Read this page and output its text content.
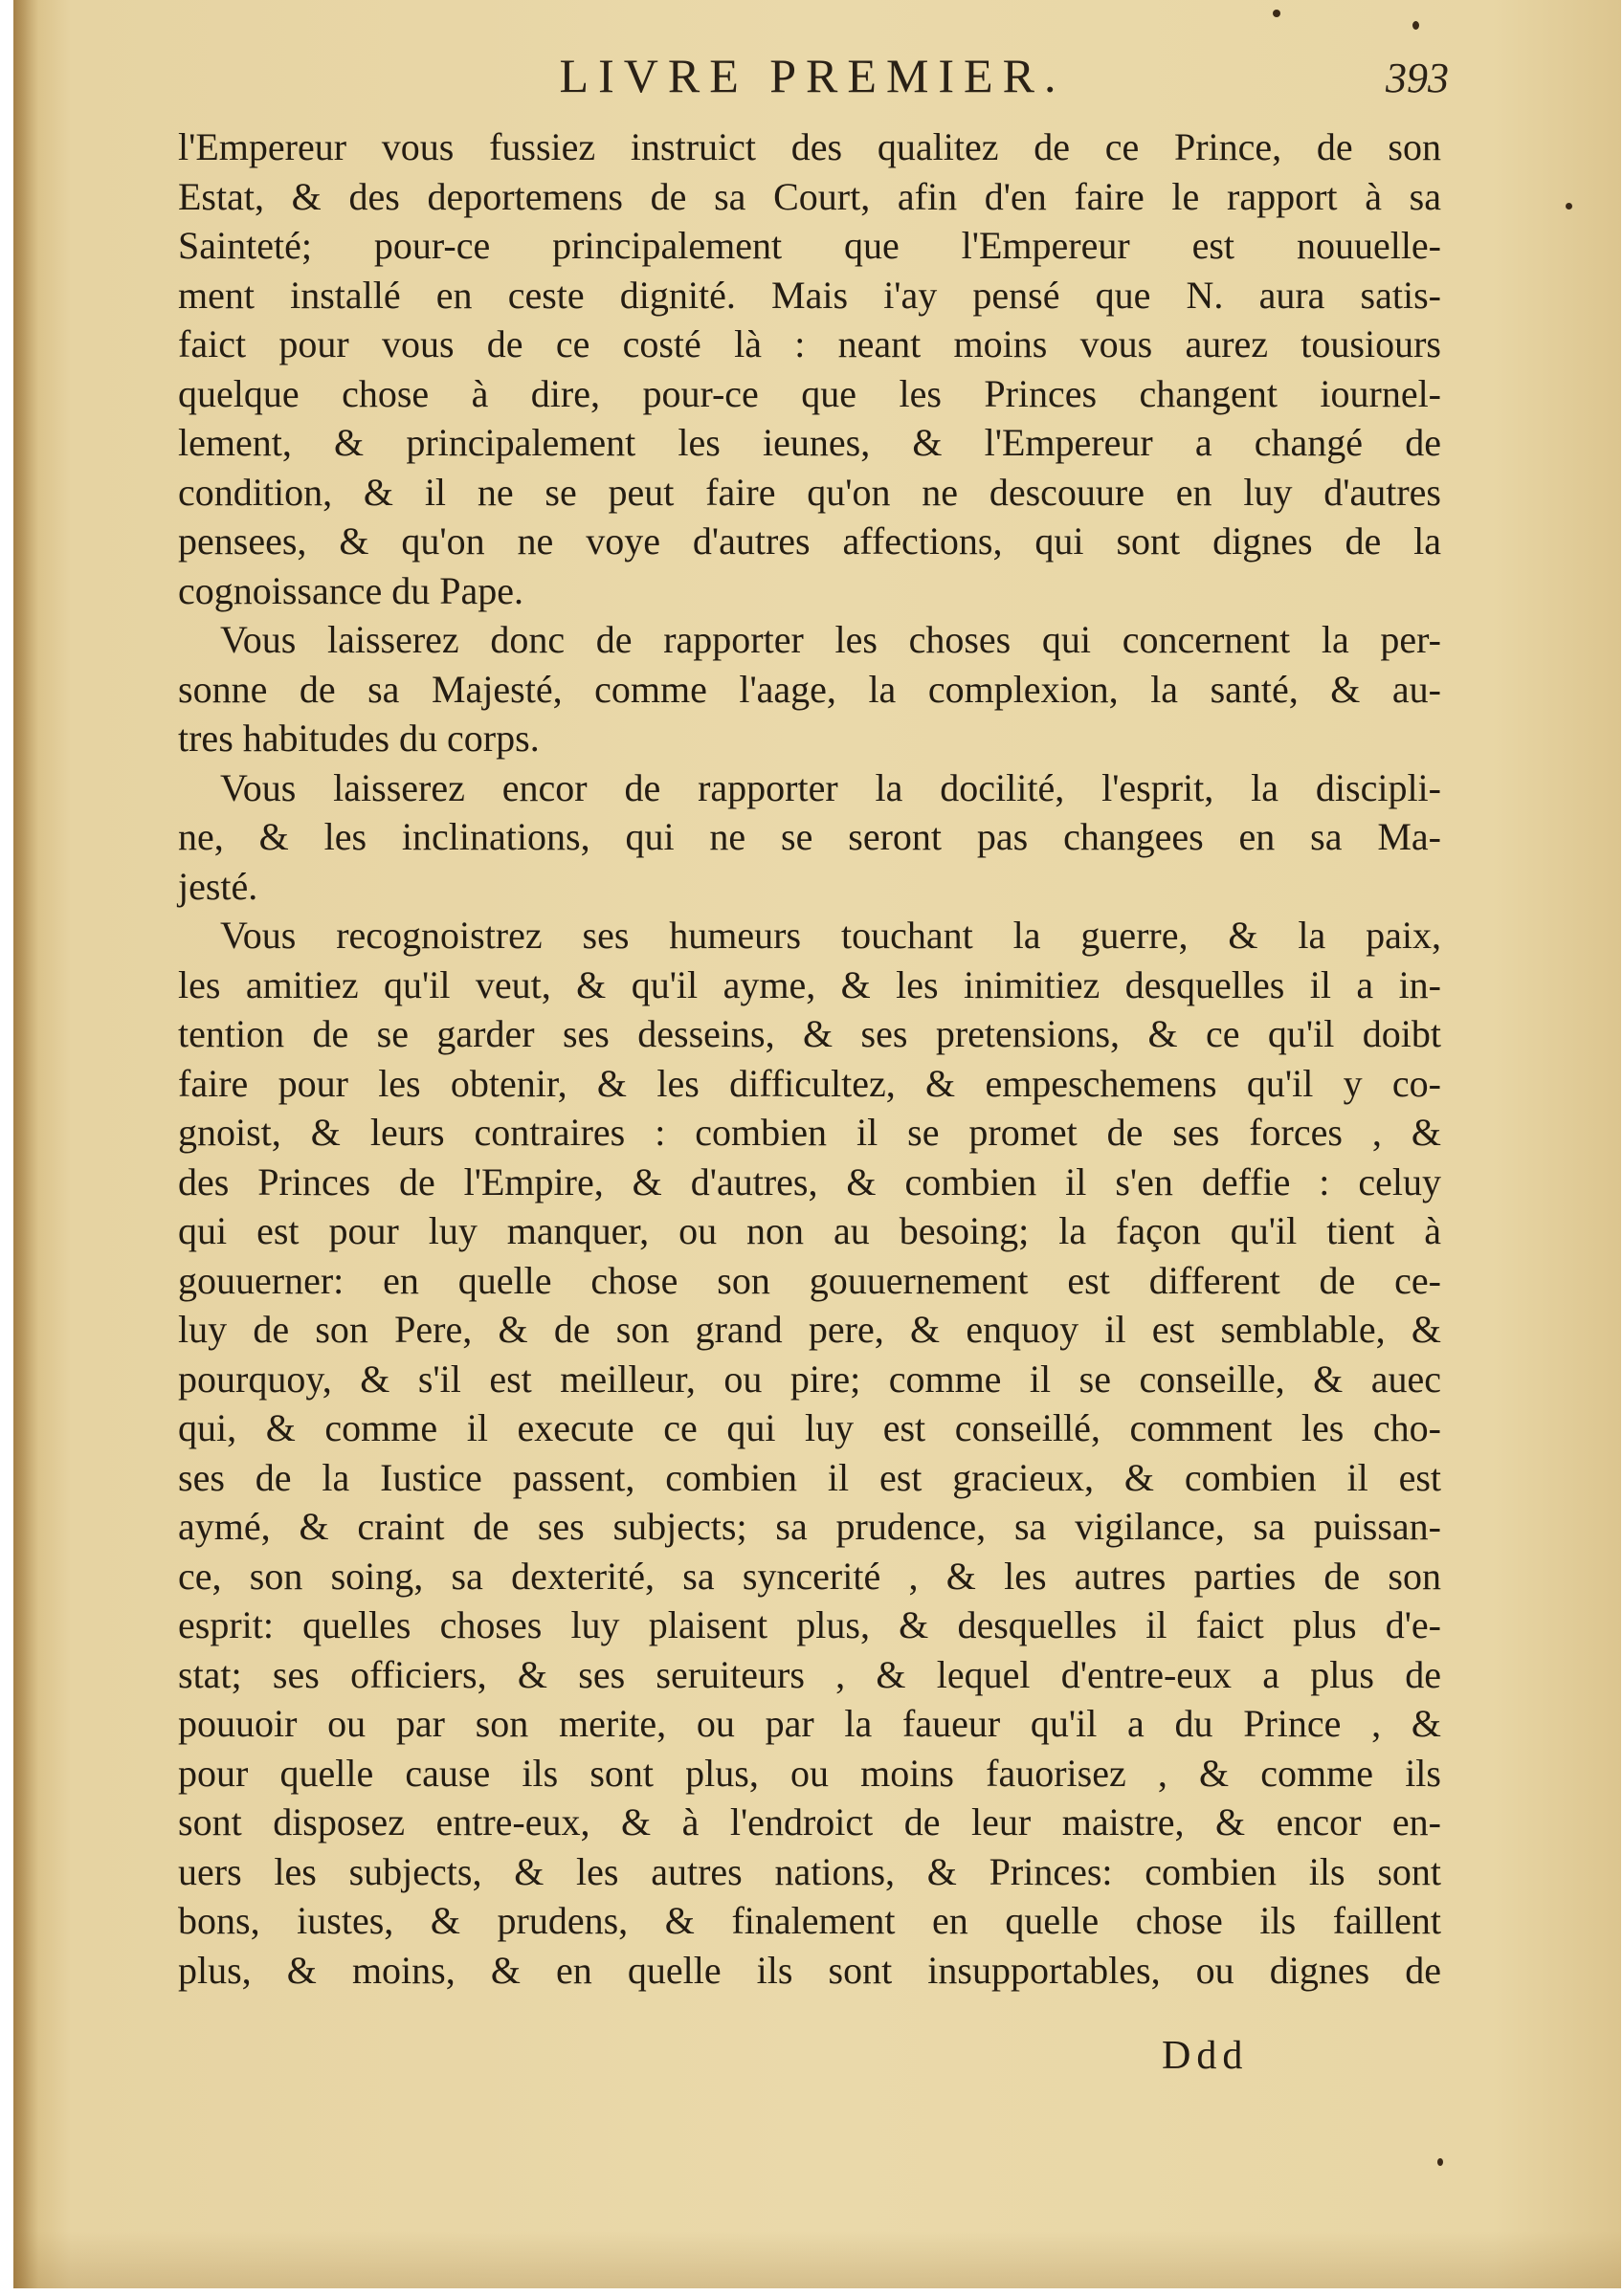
LIVRE PREMIER.	393
l'Empereur vous fussiez instruict des qualitez de ce Prince, de son
Estat, & des deportemens de sa Court, afin d'en faire le rapport à sa
Sainteté; pour-ce principalement que l'Empereur est nouuelle-
ment installé en ceste dignité. Mais i'ay pensé que N. aura satis-
faict pour vous de ce costé là : neant moins vous aurez tousiours
quelque chose à dire, pour-ce que les Princes changent iournel-
lement, & principalement les ieunes, & l'Empereur a changé de
condition, & il ne se peut faire qu'on ne descouure en luy d'autres
pensees, & qu'on ne voye d'autres affections, qui sont dignes de la
cognoissance du Pape.
Vous laisserez donc de rapporter les choses qui concernent la per-
sonne de sa Majesté, comme l'aage, la complexion, la santé, & au-
tres habitudes du corps.
Vous laisserez encor de rapporter la docilité, l'esprit, la discipli-
ne, & les inclinations, qui ne se seront pas changees en sa Ma-
jesté.
Vous recognoistrez ses humeurs touchant la guerre, & la paix,
les amitiez qu'il veut, & qu'il ayme, & les inimitiez desquelles il a in-
tention de se garder ses desseins, & ses pretensions, & ce qu'il doibt
faire pour les obtenir, & les difficultez, & empeschemens qu'il y co-
gnoist, & leurs contraires : combien il se promet de ses forces , &
des Princes de l'Empire, & d'autres, & combien il s'en deffie : celuy
qui est pour luy manquer, ou non au besoing; la façon qu'il tient à
gouuerner: en quelle chose son gouuernement est different de ce-
luy de son Pere, & de son grand pere, & enquoy il est semblable, &
pourquoy, & s'il est meilleur, ou pire; comme il se conseille, & auec
qui, & comme il execute ce qui luy est conseillé, comment les cho-
ses de la Iustice passent, combien il est gracieux, & combien il est
aymé, & craint de ses subjects; sa prudence, sa vigilance, sa puissan-
ce, son soing, sa dexterité, sa syncerité , & les autres parties de son
esprit: quelles choses luy plaisent plus, & desquelles il faict plus d'e-
stat; ses officiers, & ses seruiteurs , & lequel d'entre-eux a plus de
pouuoir ou par son merite, ou par la faueur qu'il a du Prince , &
pour quelle cause ils sont plus, ou moins fauorisez , & comme ils
sont disposez entre-eux, & à l'endroict de leur maistre, & encor en-
uers les subjects, & les autres nations, & Princes: combien ils sont
bons, iustes, & prudens, & finalement en quelle chose ils faillent
plus, & moins, & en quelle ils sont insupportables, ou dignes de
Ddd
